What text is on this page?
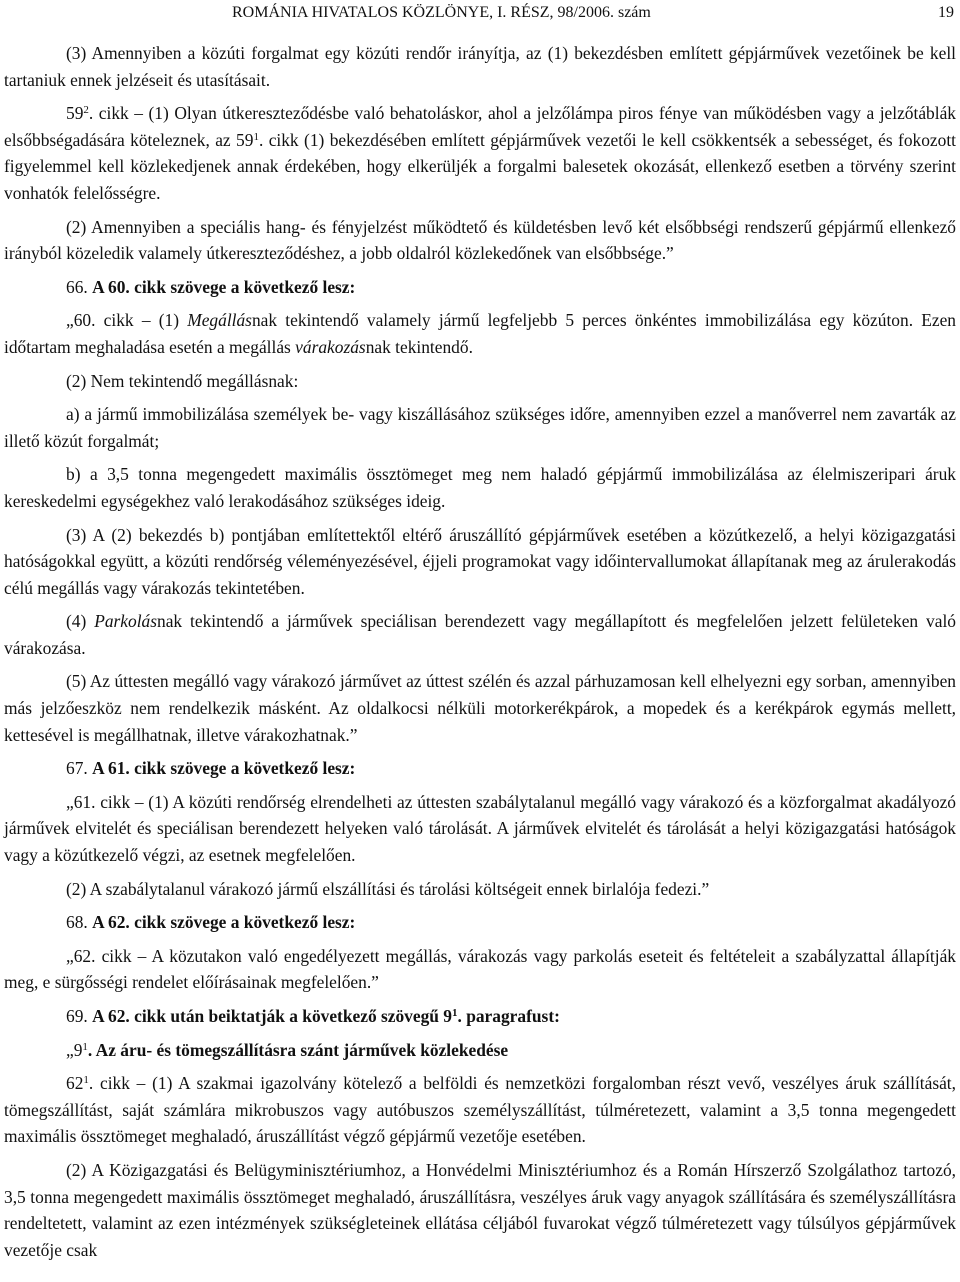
ROMÁNIA HIVATALOS KÖZLÖNYE, I. RÉSZ, 98/2006. szám	19

(3) Amennyiben a közúti forgalmat egy közúti rendőr irányítja, az (1) bekezdésben említett gépjárművek vezetőinek be kell tartaniuk ennek jelzéseit és utasításait.

$59^2$. cikk – (1) Olyan útkereszteződésbe való behatoláskor, ahol a jelzőlámpa piros fénye van működésben vagy a jelzőtáblák elsőbbségadására köteleznek, az $59^1$. cikk (1) bekezdésében említett gépjárművek vezetői le kell csökkentsék a sebességet, és fokozott figyelemmel kell közlekedjenek annak érdekében, hogy elkerüljék a forgalmi balesetek okozását, ellenkező esetben a törvény szerint vonhatók felelősségre.

(2) Amennyiben a speciális hang- és fényjelzést működtető és küldetésben levő két elsőbbségi rendszerű gépjármű ellenkező irányból közeledik valamely útkereszteződéshez, a jobb oldalról közlekedőnek van elsőbbsége.”

66. A 60. cikk szövege a következő lesz:

„60. cikk – (1) Megállásnak tekintendő valamely jármű legfeljebb 5 perces önkéntes immobilizálása egy közúton. Ezen időtartam meghaladása esetén a megállás várakozásnak tekintendő.

(2) Nem tekintendő megállásnak:

a) a jármű immobilizálása személyek be- vagy kiszállásához szükséges időre, amennyiben ezzel a manőverrel nem zavarták az illető közút forgalmát;

b) a 3,5 tonna megengedett maximális össztömeget meg nem haladó gépjármű immobilizálása az élelmiszeripari áruk kereskedelmi egységekhez való lerakodásához szükséges ideig.

(3) A (2) bekezdés b) pontjában említettektől eltérő áruszállító gépjárművek esetében a közútkezelő, a helyi közigazgatási hatóságokkal együtt, a közúti rendőrség véleményezésével, éjjeli programokat vagy időintervallumokat állapítanak meg az árulerakodás célú megállás vagy várakozás tekintetében.

(4) Parkolásnak tekintendő a járművek speciálisan berendezett vagy megállapított és megfelelően jelzett felületeken való várakozása.

(5) Az úttesten megálló vagy várakozó járművet az úttest szélén és azzal párhuzamosan kell elhelyezni egy sorban, amennyiben más jelzőeszköz nem rendelkezik másként. Az oldalkocsi nélküli motorkerékpárok, a mopedek és a kerékpárok egymás mellett, kettesével is megállhatnak, illetve várakozhatnak.”

67. A 61. cikk szövege a következő lesz:

„61. cikk – (1) A közúti rendőrség elrendelheti az úttesten szabálytalanul megálló vagy várakozó és a közforgalmat akadályozó járművek elvitelét és speciálisan berendezett helyeken való tárolását. A járművek elvitelét és tárolását a helyi közigazgatási hatóságok vagy a közútkezelő végzi, az esetnek megfelelően.

(2) A szabálytalanul várakozó jármű elszállítási és tárolási költségeit ennek birlalója fedezi.”

68. A 62. cikk szövege a következő lesz:

„62. cikk – A közutakon való engedélyezett megállás, várakozás vagy parkolás eseteit és feltételeit a szabályzattal állapítják meg, e sürgősségi rendelet előírásainak megfelelően.”

69. A 62. cikk után beiktatják a következő szövegű $9^1$. paragrafust:

$„9^1$. Az áru- és tömegszállításra szánt járművek közlekedése

$62^1$. cikk – (1) A szakmai igazolvány kötelező a belföldi és nemzetközi forgalomban részt vevő, veszélyes áruk szállítását, tömegszállítást, saját számlára mikrobuszos vagy autóbuszos személyszállítást, túlméretezett, valamint a 3,5 tonna megengedett maximális össztömeget meghaladó, áruszállítást végző gépjármű vezetője esetében.

(2) A Közigazgatási és Belügyminisztériumhoz, a Honvédelmi Minisztériumhoz és a Román Hírszerző Szolgálathoz tartozó, 3,5 tonna megengedett maximális össztömeget meghaladó, áruszállításra, veszélyes áruk vagy anyagok szállítására és személyszállításra rendeltetett, valamint az ezen intézmények szükségleteinek ellátása céljából fuvarokat végző túlméretezett vagy túlsúlyos gépjárművek vezetője csak
